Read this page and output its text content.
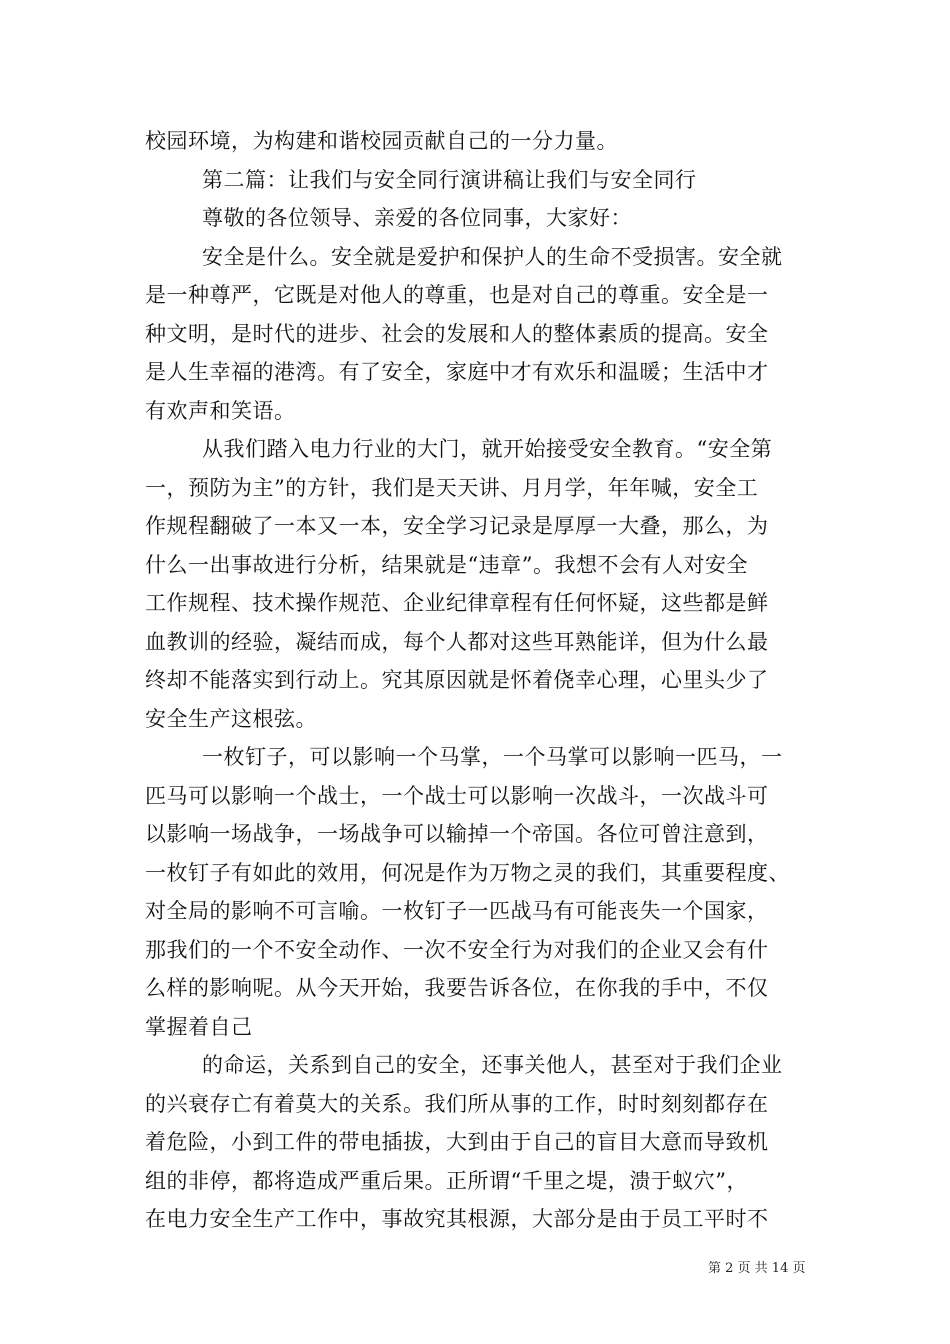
校园环境，为构建和谐校园贡献自己的一分力量。
第二篇：让我们与安全同行演讲稿让我们与安全同行
尊敬的各位领导、亲爱的各位同事，大家好：
安全是什么。安全就是爱护和保护人的生命不受损害。安全就
是一种尊严，它既是对他人的尊重，也是对自己的尊重。安全是一
种文明，是时代的进步、社会的发展和人的整体素质的提高。安全
是人生幸福的港湾。有了安全，家庭中才有欢乐和温暖；生活中才
有欢声和笑语。
从我们踏入电力行业的大门，就开始接受安全教育。“安全第
一，预防为主”的方针，我们是天天讲、月月学，年年喊，安全工
作规程翻破了一本又一本，安全学习记录是厚厚一大叠，那么，为
什么一出事故进行分析，结果就是“违章”。我想不会有人对安全
工作规程、技术操作规范、企业纪律章程有任何怀疑，这些都是鲜
血教训的经验，凝结而成，每个人都对这些耳熟能详，但为什么最
终却不能落实到行动上。究其原因就是怀着侥幸心理，心里头少了
安全生产这根弦。
一枚钉子，可以影响一个马掌，一个马掌可以影响一匹马，一
匹马可以影响一个战士，一个战士可以影响一次战斗，一次战斗可
以影响一场战争，一场战争可以输掉一个帝国。各位可曾注意到，
一枚钉子有如此的效用，何况是作为万物之灵的我们，其重要程度、
对全局的影响不可言喻。一枚钉子一匹战马有可能丧失一个国家，
那我们的一个不安全动作、一次不安全行为对我们的企业又会有什
么样的影响呢。从今天开始，我要告诉各位，在你我的手中，不仅
掌握着自己
的命运，关系到自己的安全，还事关他人，甚至对于我们企业
的兴衰存亡有着莫大的关系。我们所从事的工作，时时刻刻都存在
着危险，小到工件的带电插拔，大到由于自己的盲目大意而导致机
组的非停，都将造成严重后果。正所谓“千里之堤，溃于蚁穴”，
在电力安全生产工作中，事故究其根源，大部分是由于员工平时不
第 2 页 共 14 页
